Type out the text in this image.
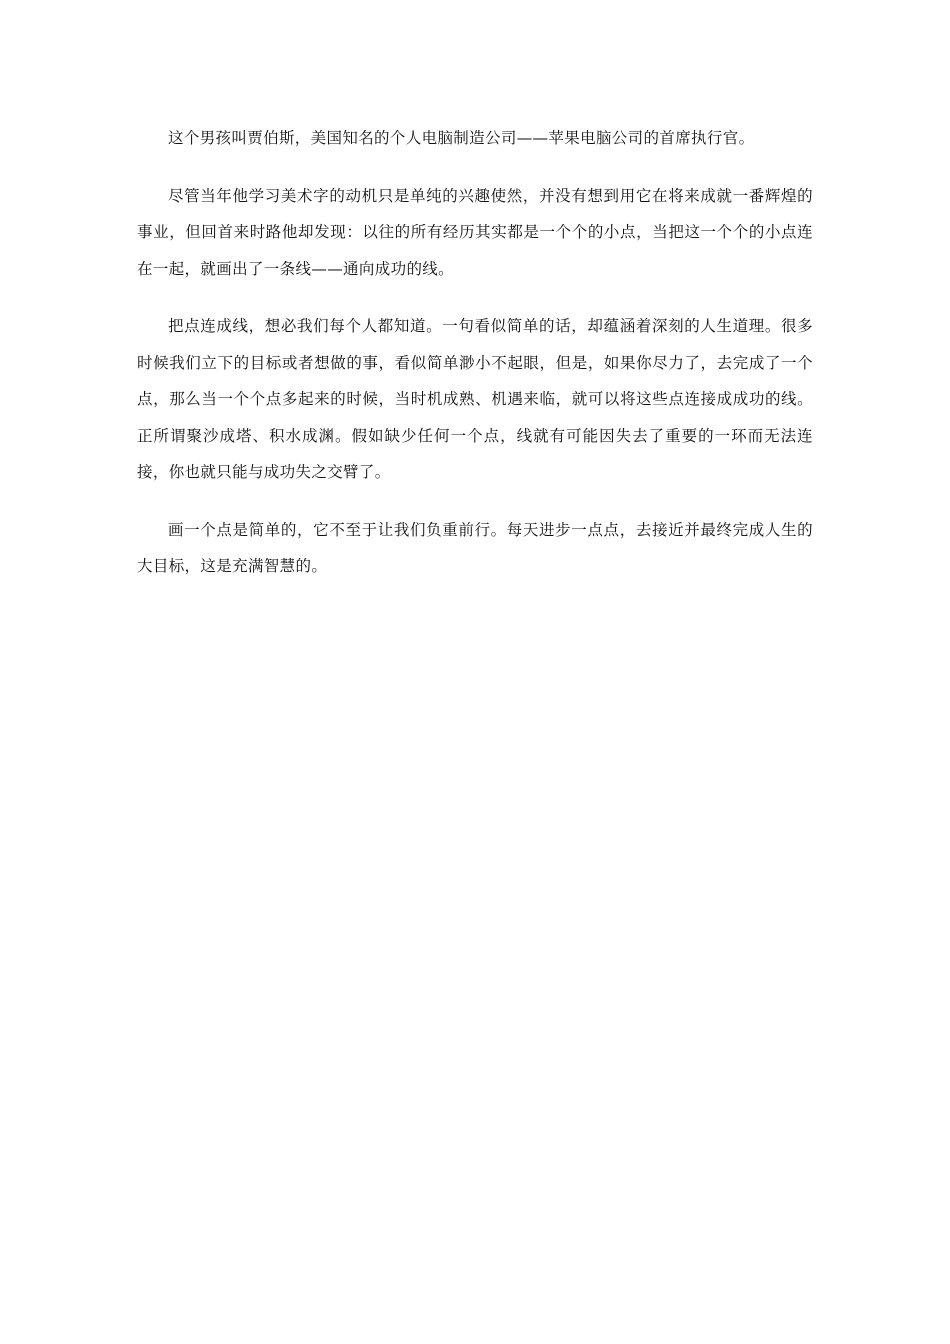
这个男孩叫贾伯斯，美国知名的个人电脑制造公司——苹果电脑公司的首席执行官。

尽管当年他学习美术字的动机只是单纯的兴趣使然，并没有想到用它在将来成就一番辉煌的事业，但回首来时路他却发现：以往的所有经历其实都是一个个的小点，当把这一个个的小点连在一起，就画出了一条线——通向成功的线。

把点连成线，想必我们每个人都知道。一句看似简单的话，却蕴涵着深刻的人生道理。很多时候我们立下的目标或者想做的事，看似简单渺小不起眼，但是，如果你尽力了，去完成了一个点，那么当一个个点多起来的时候，当时机成熟、机遇来临，就可以将这些点连接成成功的线。正所谓聚沙成塔、积水成渊。假如缺少任何一个点，线就有可能因失去了重要的一环而无法连接，你也就只能与成功失之交臂了。

画一个点是简单的，它不至于让我们负重前行。每天进步一点点，去接近并最终完成人生的大目标，这是充满智慧的。
